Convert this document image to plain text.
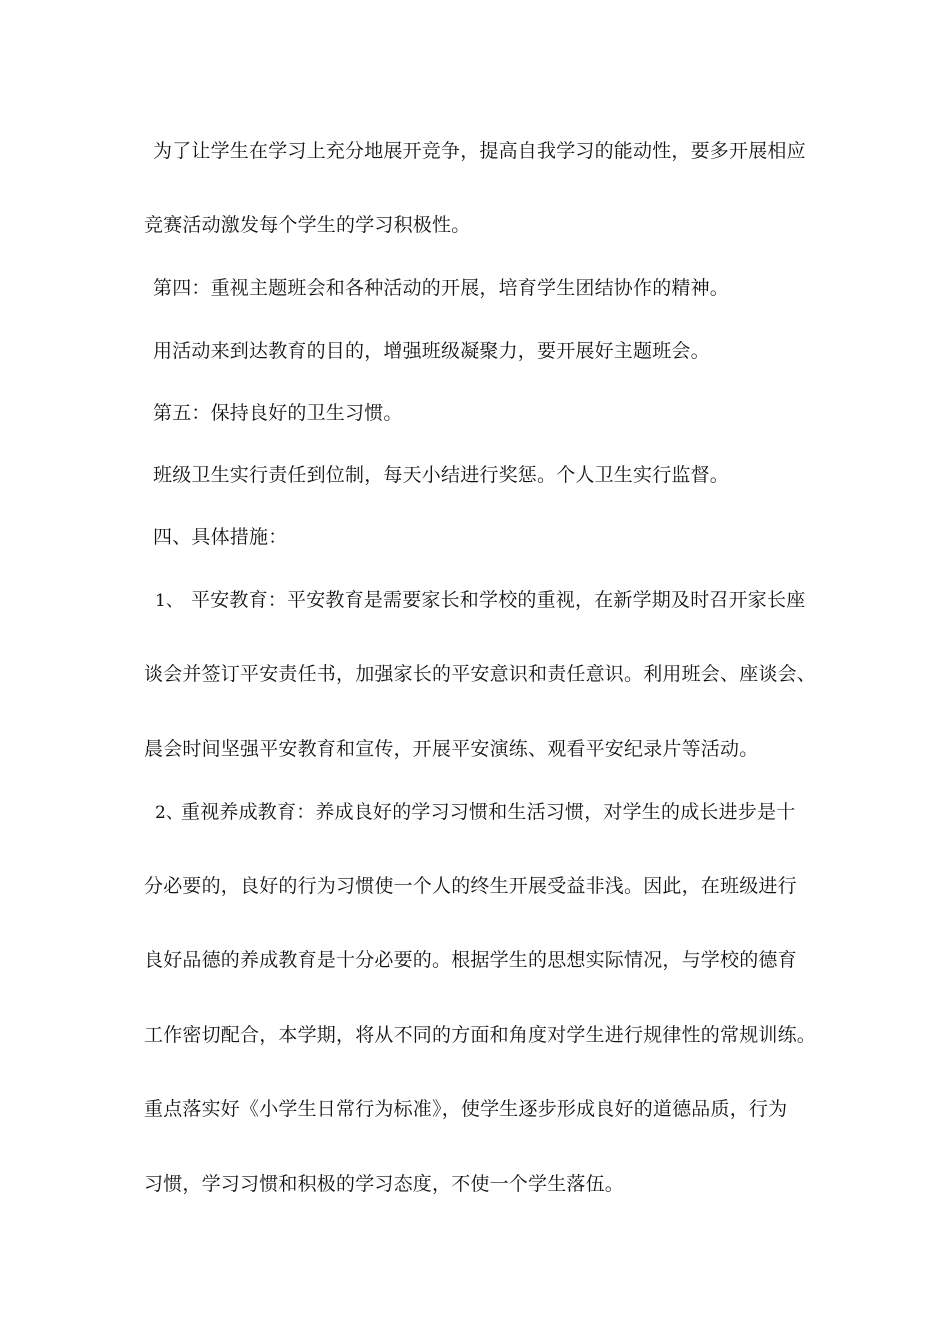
为了让学生在学习上充分地展开竞争，提高自我学习的能动性，要多开展相应
竞赛活动激发每个学生的学习积极性。
第四：重视主题班会和各种活动的开展，培育学生团结协作的精神。
用活动来到达教育的目的，增强班级凝聚力，要开展好主题班会。
第五：保持良好的卫生习惯。
班级卫生实行责任到位制，每天小结进行奖惩。个人卫生实行监督。
四、具体措施：
1、 平安教育：平安教育是需要家长和学校的重视，在新学期及时召开家长座
谈会并签订平安责任书，加强家长的平安意识和责任意识。利用班会、座谈会、
晨会时间坚强平安教育和宣传，开展平安演练、观看平安纪录片等活动。
2、
重视养成教育：养成良好的学习习惯和生活习惯，对学生的成长进步是十
分必要的，良好的行为习惯使一个人的终生开展受益非浅。因此，在班级进行
良好品德的养成教育是十分必要的。根据学生的思想实际情况，与学校的德育
工作密切配合，本学期，将从不同的方面和角度对学生进行规律性的常规训练。
重点落实好《小学生日常行为标准》，使学生逐步形成良好的道德品质，行为
习惯，学习习惯和积极的学习态度，不使一个学生落伍。
